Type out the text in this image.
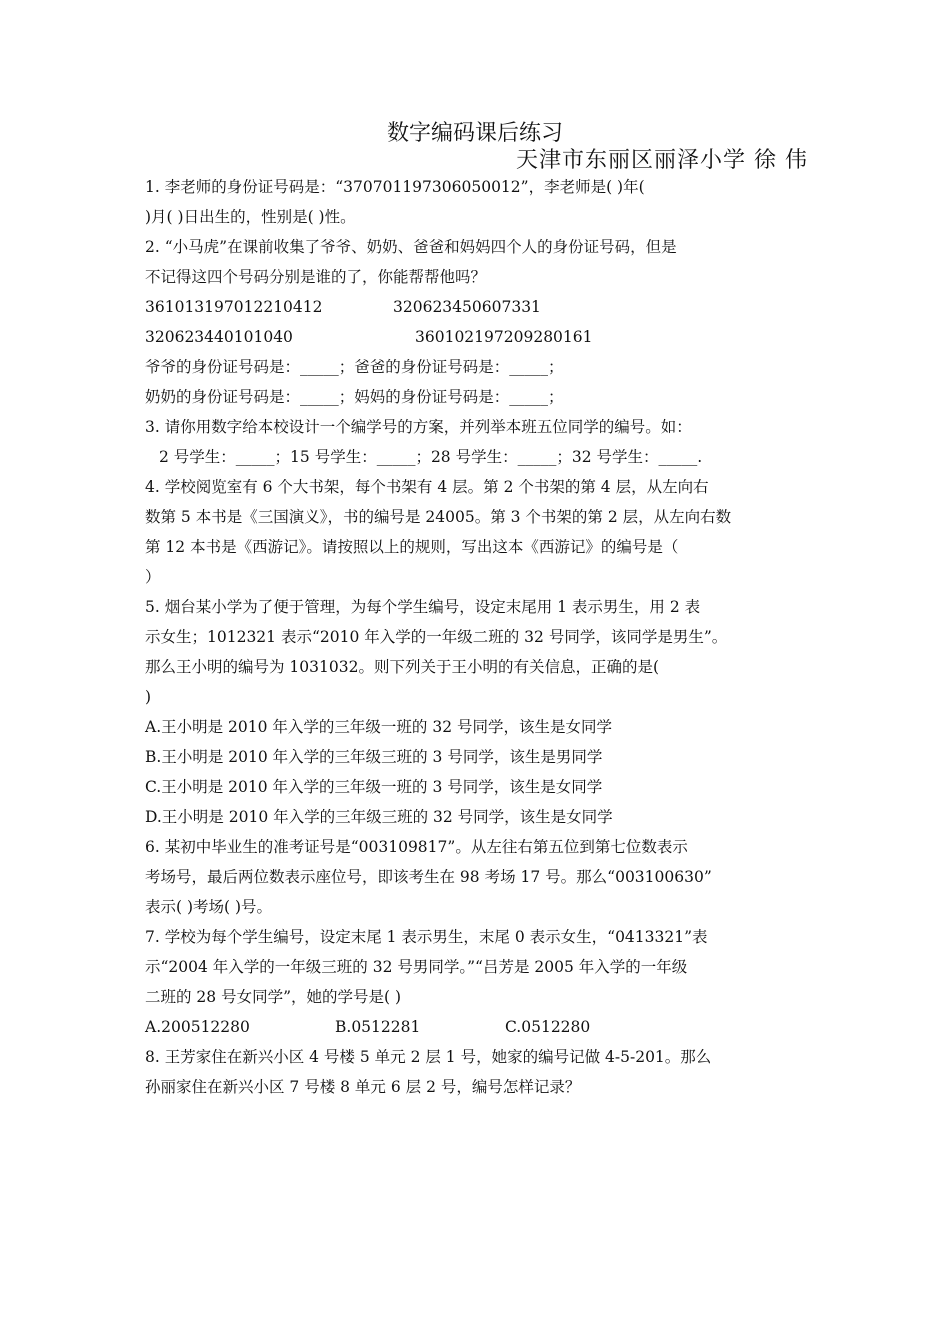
数字编码课后练习
天津市东丽区丽泽小学 徐 伟
1. 李老师的身份证号码是：“370701197306050012”，李老师是( )年(
)月( )日出生的，性别是( )性。
2. “小马虎”在课前收集了爷爷、奶奶、爸爸和妈妈四个人的身份证号码，但是
不记得这四个号码分别是谁的了，你能帮帮他吗？
361013197012210412	320623450607331
320623440101040	360102197209280161
爷爷的身份证号码是：_____；爸爸的身份证号码是：_____；
奶奶的身份证号码是：_____；妈妈的身份证号码是：_____；
3. 请你用数字给本校设计一个编学号的方案，并列举本班五位同学的编号。如：
2 号学生：_____；15 号学生：_____；28 号学生：_____；32 号学生：_____.
4. 学校阅览室有 6 个大书架，每个书架有 4 层。第 2 个书架的第 4 层，从左向右
数第 5 本书是《三国演义》，书的编号是 24005。第 3 个书架的第 2 层，从左向右数
第 12 本书是《西游记》。请按照以上的规则，写出这本《西游记》的编号是（
）
5. 烟台某小学为了便于管理，为每个学生编号，设定末尾用 1 表示男生，用 2 表
示女生；1012321 表示“2010 年入学的一年级二班的 32 号同学，该同学是男生”。
那么王小明的编号为 1031032。则下列关于王小明的有关信息，正确的是(
)
A.王小明是 2010 年入学的三年级一班的 32 号同学，该生是女同学
B.王小明是 2010 年入学的三年级三班的 3 号同学，该生是男同学
C.王小明是 2010 年入学的三年级一班的 3 号同学，该生是女同学
D.王小明是 2010 年入学的三年级三班的 32 号同学，该生是女同学
6. 某初中毕业生的准考证号是“003109817”。从左往右第五位到第七位数表示
考场号，最后两位数表示座位号，即该考生在 98 考场 17 号。那么“003100630”
表示( )考场( )号。
7. 学校为每个学生编号，设定末尾 1 表示男生，末尾 0 表示女生，“0413321”表
示“2004 年入学的一年级三班的 32 号男同学。”“吕芳是 2005 年入学的一年级
二班的 28 号女同学”，她的学号是( )
A.200512280	B.0512281	C.0512280
8. 王芳家住在新兴小区 4 号楼 5 单元 2 层 1 号，她家的编号记做 4-5-201。那么
孙丽家住在新兴小区 7 号楼 8 单元 6 层 2 号，编号怎样记录？
